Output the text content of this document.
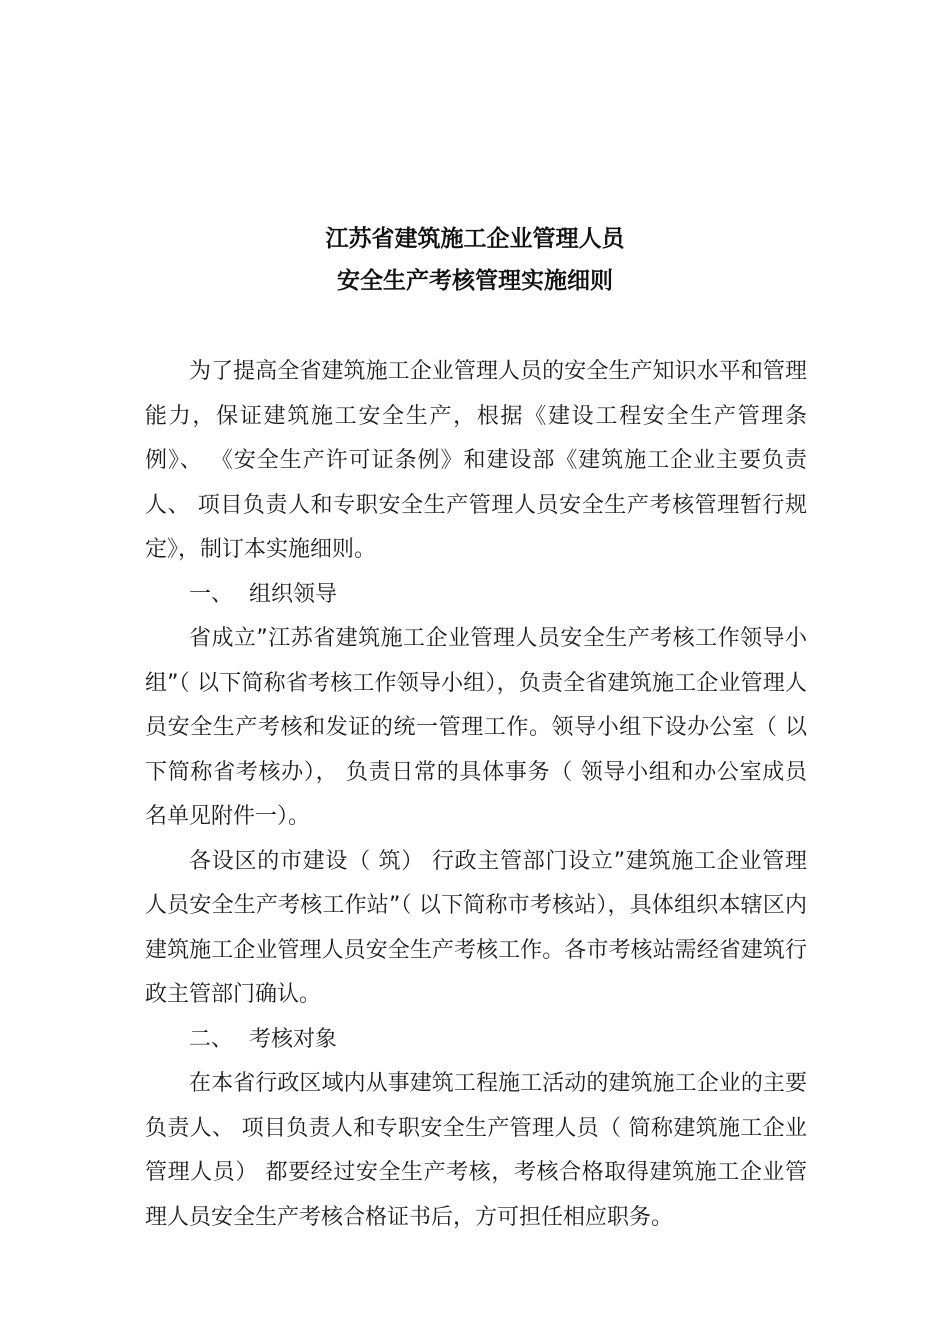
江苏省建筑施工企业管理人员
安全生产考核管理实施细则

为了提高全省建筑施工企业管理人员的安全生产知识水平和管理能力，保证建筑施工安全生产，根据《建设工程安全生产管理条例》、 《安全生产许可证条例》和建设部《建筑施工企业主要负责人、 项目负责人和专职安全生产管理人员安全生产考核管理暂行规定》，制订本实施细则。

一、 组织领导

省成立”江苏省建筑施工企业管理人员安全生产考核工作领导小组”（ 以下简称省考核工作领导小组），负责全省建筑施工企业管理人员安全生产考核和发证的统一管理工作。领导小组下设办公室（ 以下简称省考核办）， 负责日常的具体事务（ 领导小组和办公室成员名单见附件一）。

各设区的市建设（ 筑） 行政主管部门设立”建筑施工企业管理人员安全生产考核工作站”（ 以下简称市考核站），具体组织本辖区内建筑施工企业管理人员安全生产考核工作。各市考核站需经省建筑行政主管部门确认。

二、 考核对象

在本省行政区域内从事建筑工程施工活动的建筑施工企业的主要负责人、 项目负责人和专职安全生产管理人员（ 简称建筑施工企业管理人员） 都要经过安全生产考核，考核合格取得建筑施工企业管理人员安全生产考核合格证书后，方可担任相应职务。
